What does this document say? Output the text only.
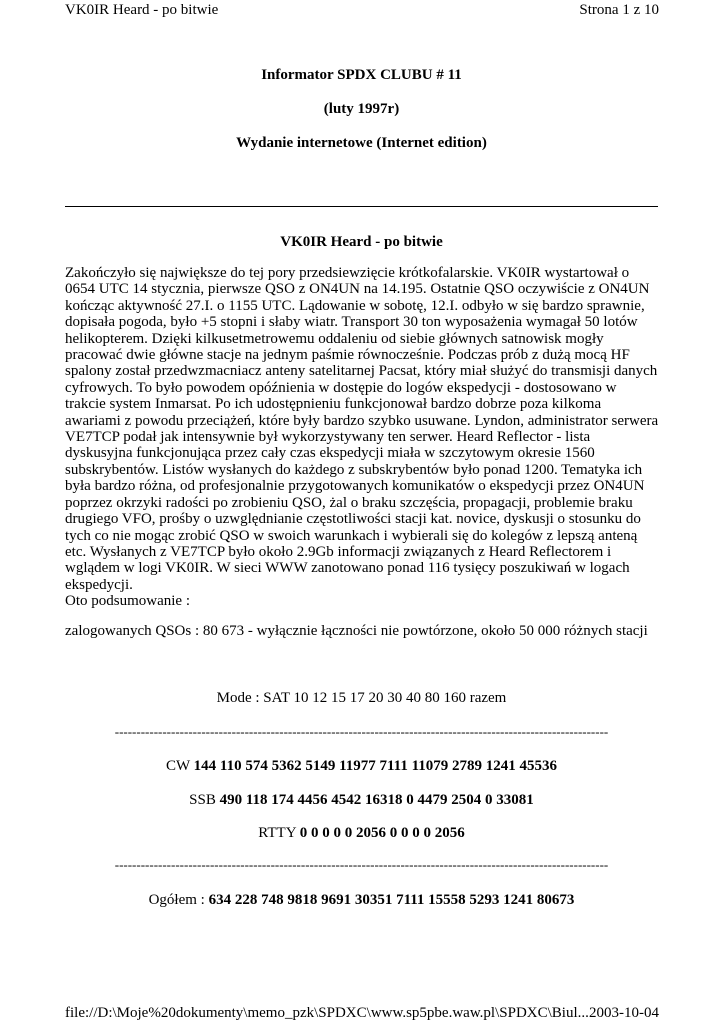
VK0IR Heard - po bitwie	Strona 1 z 10
Informator SPDX CLUBU # 11
(luty 1997r)
Wydanie internetowe (Internet edition)
VK0IR Heard - po bitwie
Zakończyło się największe do tej pory przedsiewzięcie krótkofalarskie. VK0IR wystartował o 0654 UTC 14 stycznia, pierwsze QSO z ON4UN na 14.195. Ostatnie QSO oczywiście z ON4UN kończąc aktywność 27.I. o 1155 UTC. Lądowanie w sobotę, 12.I. odbyło w się bardzo sprawnie, dopisała pogoda, było +5 stopni i słaby wiatr. Transport 30 ton wyposażenia wymagał 50 lotów helikopterem. Dzięki kilkusetmetrowemu oddaleniu od siebie głównych satnowisk mogły pracować dwie główne stacje na jednym paśmie równocześnie. Podczas prób z dużą mocą HF spalony został przedwzmacniacz anteny satelitarnej Pacsat, który miał służyć do transmisji danych cyfrowych. To było powodem opóźnienia w dostępie do logów ekspedycji - dostosowano w trakcie system Inmarsat. Po ich udostępnieniu funkcjonował bardzo dobrze poza kilkoma awariami z powodu przeciążeń, które były bardzo szybko usuwane. Lyndon, administrator serwera VE7TCP podał jak intensywnie był wykorzystywany ten serwer. Heard Reflector - lista dyskusyjna funkcjonująca przez cały czas ekspedycji miała w szczytowym okresie 1560 subskrybentów. Listów wysłanych do każdego z subskrybentów było ponad 1200. Tematyka ich była bardzo różna, od profesjonalnie przygotowanych komunikatów o ekspedycji przez ON4UN poprzez okrzyki radości po zrobieniu QSO, żal o braku szczęścia, propagacji, problemie braku drugiego VFO, prośby o uzwględnianie częstotliwości stacji kat. novice, dyskusji o stosunku do tych co nie mogąc zrobić QSO w swoich warunkach i wybierali się do kolegów z lepszą anteną etc. Wysłanych z VE7TCP było około 2.9Gb informacji związanych z Heard Reflectorem i wglądem w logi VK0IR. W sieci WWW zanotowano ponad 116 tysięcy poszukiwań w logach ekspedycji.
Oto podsumowanie :
zalogowanych QSOs : 80 673 - wyłącznie łączności nie powtórzone, około 50 000 różnych stacji
Mode : SAT 10 12 15 17 20 30 40 80 160 razem
------------------------------------------------------------------------------------------------------------------
CW 144 110 574 5362 5149 11977 7111 11079 2789 1241 45536
SSB 490 118 174 4456 4542 16318 0 4479 2504 0 33081
RTTY 0 0 0 0 0 2056 0 0 0 0 2056
------------------------------------------------------------------------------------------------------------------
Ogółem : 634 228 748 9818 9691 30351 7111 15558 5293 1241 80673
file://D:\Moje%20dokumenty\memo_pzk\SPDXC\www.sp5pbe.waw.pl\SPDXC\Biul... 2003-10-04
